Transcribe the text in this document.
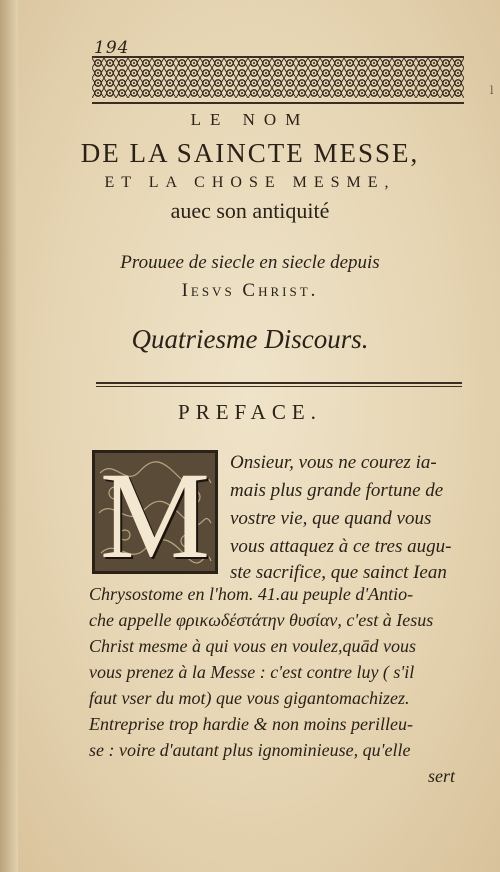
194
l
LE NOM
DE LA SAINCTE MESSE,
ET LA CHOSE MESME,
auec son antiquité
Prouuee de siecle en siecle depuis
Iesvs Christ.
Quatriesme Discours.
PREFACE.
M Onsieur, vous ne courez ia-
mais plus grande fortune de
vostre vie, que quand vous
vous attaquez à ce tres augu-
ste sacrifice, que sainct Iean
Chrysostome en l'hom. 41.au peuple d'Antio-
che appelle φρικωδέστάτην θυσίαν, c'est à Iesus
Christ mesme à qui vous en voulez,quād vous
vous prenez à la Messe : c'est contre luy ( s'il
faut vser du mot) que vous gigantomachizez.
Entreprise trop hardie & non moins perilleu-
se : voire d'autant plus ignominieuse, qu'elle
sert
